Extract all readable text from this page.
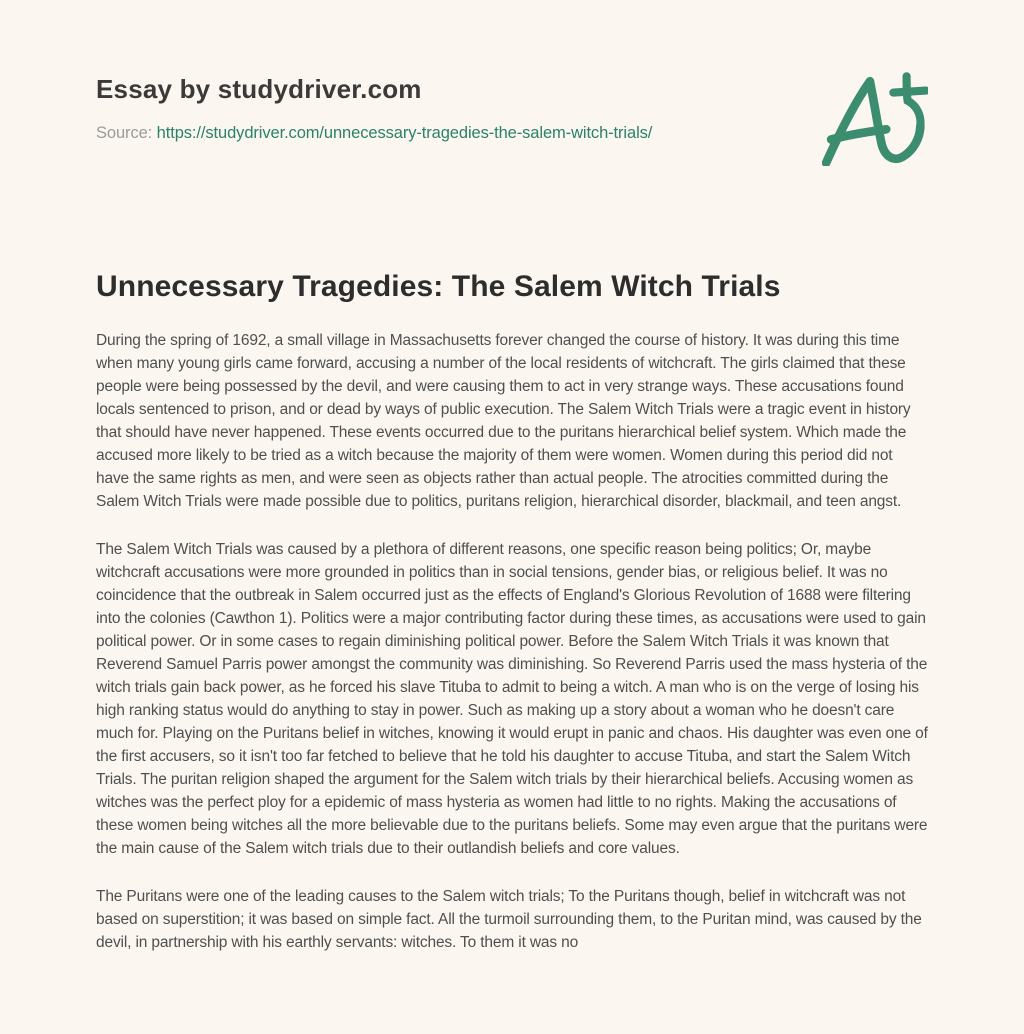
Essay by studydriver.com
Source: https://studydriver.com/unnecessary-tragedies-the-salem-witch-trials/
Unnecessary Tragedies: The Salem Witch Trials

During the spring of 1692, a small village in Massachusetts forever changed the course of history. It was during this time when many young girls came forward, accusing a number of the local residents of witchcraft. The girls claimed that these people were being possessed by the devil, and were causing them to act in very strange ways. These accusations found locals sentenced to prison, and or dead by ways of public execution. The Salem Witch Trials were a tragic event in history that should have never happened. These events occurred due to the puritans hierarchical belief system. Which made the accused more likely to be tried as a witch because the majority of them were women. Women during this period did not have the same rights as men, and were seen as objects rather than actual people. The atrocities committed during the Salem Witch Trials were made possible due to politics, puritans religion, hierarchical disorder, blackmail, and teen angst.

The Salem Witch Trials was caused by a plethora of different reasons, one specific reason being politics; Or, maybe witchcraft accusations were more grounded in politics than in social tensions, gender bias, or religious belief. It was no coincidence that the outbreak in Salem occurred just as the effects of England's Glorious Revolution of 1688 were filtering into the colonies (Cawthon 1). Politics were a major contributing factor during these times, as accusations were used to gain political power. Or in some cases to regain diminishing political power. Before the Salem Witch Trials it was known that Reverend Samuel Parris power amongst the community was diminishing. So Reverend Parris used the mass hysteria of the witch trials gain back power, as he forced his slave Tituba to admit to being a witch. A man who is on the verge of losing his high ranking status would do anything to stay in power. Such as making up a story about a woman who he doesn't care much for. Playing on the Puritans belief in witches, knowing it would erupt in panic and chaos. His daughter was even one of the first accusers, so it isn't too far fetched to believe that he told his daughter to accuse Tituba, and start the Salem Witch Trials. The puritan religion shaped the argument for the Salem witch trials by their hierarchical beliefs. Accusing women as witches was the perfect ploy for a epidemic of mass hysteria as women had little to no rights. Making the accusations of these women being witches all the more believable due to the puritans beliefs. Some may even argue that the puritans were the main cause of the Salem witch trials due to their outlandish beliefs and core values.

The Puritans were one of the leading causes to the Salem witch trials; To the Puritans though, belief in witchcraft was not based on superstition; it was based on simple fact. All the turmoil surrounding them, to the Puritan mind, was caused by the devil, in partnership with his earthly servants: witches. To them it was no
